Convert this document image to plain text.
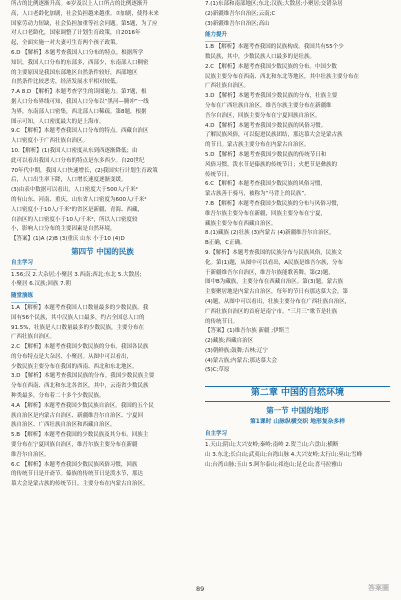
所占的比例逐渐升高。⑥岁及以上人口所占的比例逐渐升

高，人口老龄化加剧，社会负担越来越重。⑦加剧，使得未来

国家劳动力短缺，社会负担加重等社会问题。第5题，为了应

对人口老龄化，国家调整了计划生育政策，自2016年

起，全面实施一对夫妻可生育两个孩子政策。

6.D 【解析】本题考查我国人口分布的特点。根据所学

知识，我国人口分布的东部多，西部少，东南部人口稠密

的主要原因是我国东部地区自然条件较好，西部地区

自然条件比较恶劣，经济发展水平相对较低。

7.A 8.D 【解析】本题考查学生的读图能力。第7题，根

据人口分布界线可知，我国人口分布以“黑河—腾冲”一线

为界，东南部人口密集，西北部人口稀疏。第8题，根据

图示可知，人口密度最大的是上海市。

9.C 【解析】本题考查我国人口分布的特点。西藏自治区

人口密度小于广西壮族自治区。

10.【解析】(1)我国人口密度从东到西逐渐降低；由

此可以看出我国人口分布的特点是东多西少。自20世纪

70年代中期，我国人口快速增长，(2)我国实行计划生育政策

后，人口出生率下降，人口增长速度逐渐变缓。

(3)由表中数据可以看出，人口密度大于500人/千米²

的有山东、河南、重庆，山东省人口密度为600人/千米²

人口密度小于10人/千米²的省区是新疆、青海、西藏，

自治区的人口密度小于10人/千米²，所以人口密度较

小，影响人口分布的主要因素是自然环境。

【答案】(1)A (2)B (3)重庆 山东 小于10 (4)D

第四节 中国的民族

自主学习

1.56;汉 2.大杂居;小聚居 3.西南;西北;东北 5.大散居;

小聚居 6.汉族;回族 7.朝

随堂演练

1.A 【解析】本题考查我国人口数量最多的少数民族。我

国有56个民族，其中汉族人口最多，约占全国总人口的

91.5%，壮族是人口数量最多的少数民族，主要分布在

广西壮族自治区。

2.C 【解析】本题考查我国少数民族的分布。我国各民族

的分布特点是大杂居、小聚居。从图中可以看出，

少数民族主要分布在我国的西南、西北和东北地区。

3.D 【解析】本题考查我国民族的分布。我国少数民族主要

分布在西南、西北和东北各省区，其中，云南省少数民族

种类最多，分布着二十多个少数民族。

4.A 【解析】本题考查我国少数民族自治区。我国的五个民

族自治区是内蒙古自治区、新疆维吾尔自治区、宁夏回

族自治区、广西壮族自治区和西藏自治区。

5.B 【解析】本题考查我国的少数民族及其分布。回族主

要分布在宁夏回族自治区，维吾尔族主要分布在新疆

维吾尔自治区。

6.C 【解析】本题考查我国少数民族风俗习惯，回族

的传统节日是开斋节。傣族的传统节日是泼水节，那达

慕大会是蒙古族的传统节日，主要分布在内蒙古自治区。

7.(1)东部和南部地区;东北;汉族;大散居;小聚居;交错杂居

(2)新疆维吾尔自治区;云南;C

(3)新疆维吾尔自治区;高山

能力提升

1.B 【解析】本题考查我国的民族构成。我国共有55个少

数民族，其中，少数民族人口最多的是壮族。

2.C 【解析】本题考查我国少数民族的分布。中国少数

民族主要分布在西南、西北和东北等地区，其中壮族主要分布在

广西壮族自治区。

3.D 【解析】本题考查我国少数民族的分布，壮族主要

分布在广西壮族自治区，维吾尔族主要分布在新疆维

吾尔自治区，回族主要分布在宁夏回族自治区。

4.D 【解析】本题考查我国少数民族的风俗习惯。

了解民族风俗，可以促进民族团结，那达慕大会是蒙古族

的节日。蒙古族主要分布在内蒙古自治区。

5.D 【解析】本题考查我国少数民族的传统节日和

风俗习惯。泼水节是傣族的传统节日；火把节是彝族的

传统节日。

6.C 【解析】本题考查我国少数民族的风俗习惯，

蒙古族善于骑马，被称为“马背上的民族”。

7.B 【解析】本题考查我国少数民族的分布与风俗习惯，

维吾尔族主要分布在新疆，回族主要分布在宁夏，

藏族主要分布在西藏自治区。

8.(1)藏族 (2)壮族 (3)内蒙古 (4)新疆维吾尔自治区，

B正确，C正确。

9.【解析】本题考查我国的民族分布与民族风俗，民族文

化。第(1)题，从图中可以看出，A民族是维吾尔族，分布

于新疆维吾尔自治区，维吾尔族能歌善舞。第(2)题，

图中B为藏族，主要分布在西藏自治区。第(3)题，蒙古族

主要聚居地是内蒙古自治区，每年的节日有那达慕大会。第

(4)题，从图中可以看出，壮族主要分布在广西壮族自治区，

广西壮族自治区的首府是南宁市。“三月三”歌节是壮族

的传统节日。

【答案】(1)维吾尔族 新疆 ;伊斯兰

(2)藏族;西藏自治区

(3)朝鲜族;鼓舞;吉林;辽宁

(4)蒙古族;内蒙古;那达慕大会

(5)C;草原

第二章 中国的自然环境
第一节 中国的地形
第1课时 山脉纵横交织 地形复杂多样
自主学习

1.天山;阴山;大兴安岭;秦岭;南岭 2.贺兰山;六盘山;横断

山 3.东北;长白山;武夷山;台湾山脉 4.大兴安岭;太行山;巫山;雪峰

山;台湾山脉;玉山 5.阿尔泰山;祁连山;昆仑山;喜马拉雅山

89	答案圈
